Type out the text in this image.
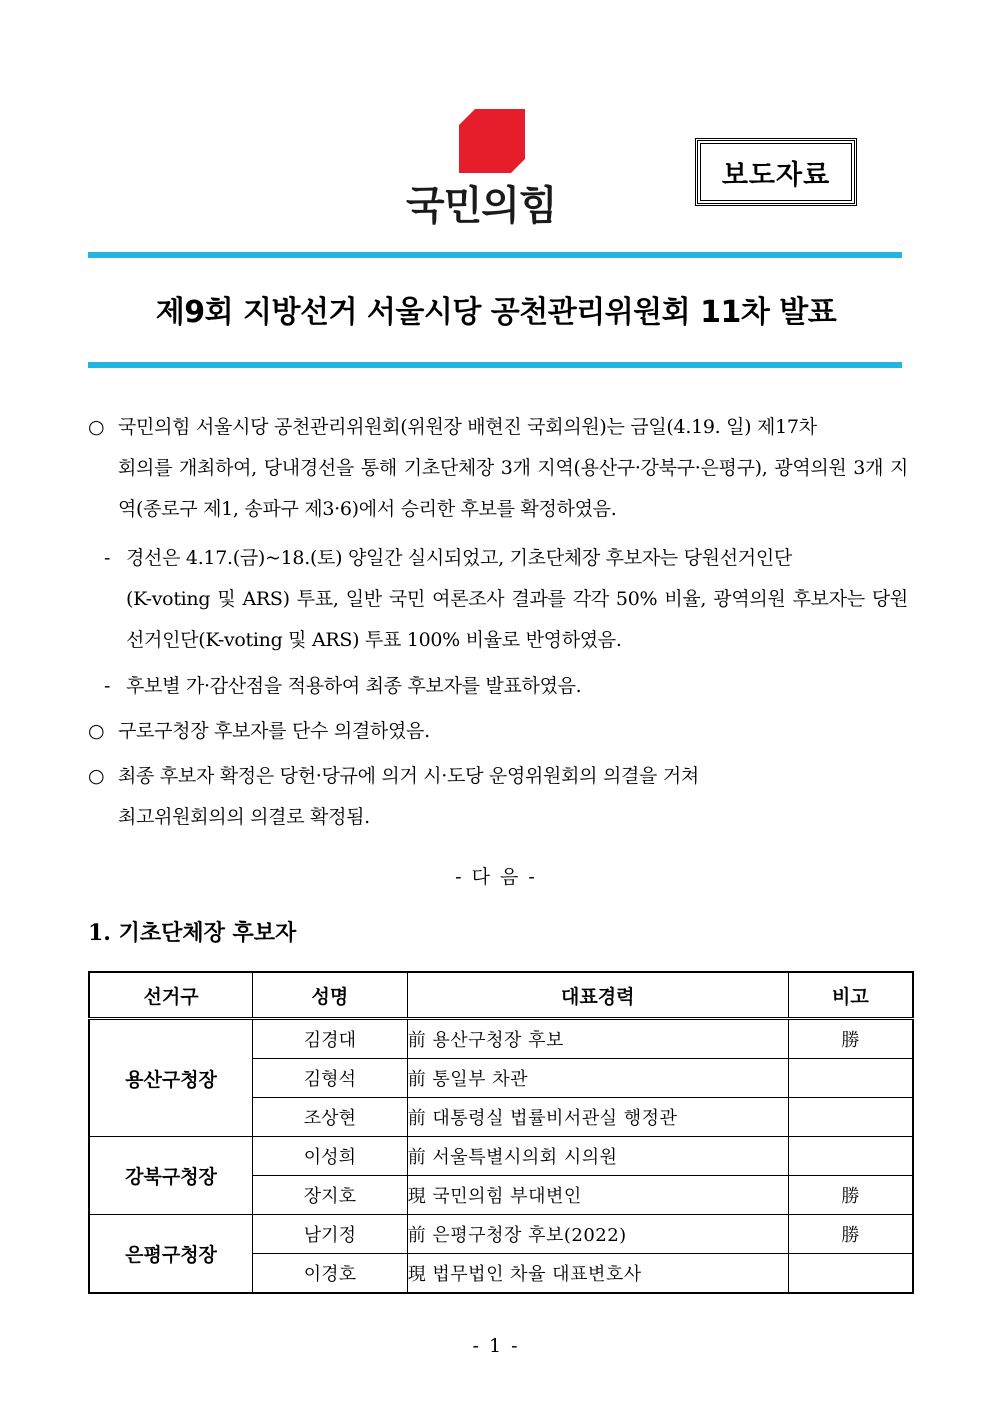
국민의힘
보도자료
제9회 지방선거 서울시당 공천관리위원회 11차 발표
○ 국민의힘 서울시당 공천관리위원회(위원장 배현진 국회의원)는 금일(4.19. 일) 제17차
회의를 개최하여, 당내경선을 통해 기초단체장 3개 지역(용산구·강북구·은평구), 광역의원 3개 지역(종로구 제1, 송파구 제3·6)에서 승리한 후보를 확정하였음.
- 경선은 4.17.(금)~18.(토) 양일간 실시되었고, 기초단체장 후보자는 당원선거인단
(K-voting 및 ARS) 투표, 일반 국민 여론조사 결과를 각각 50% 비율, 광역의원 후보자는 당원선거인단(K-voting 및 ARS) 투표 100% 비율로 반영하였음.
- 후보별 가·감산점을 적용하여 최종 후보자를 발표하였음.
○ 구로구청장 후보자를 단수 의결하였음.
○ 최종 후보자 확정은 당헌·당규에 의거 시·도당 운영위원회의 의결을 거쳐
최고위원회의의 의결로 확정됨.
- 다 음 -
1. 기초단체장 후보자
선거구	성명	대표경력	비고
용산구청장	김경대	前 용산구청장 후보	勝
	김형석	前 통일부 차관	
	조상현	前 대통령실 법률비서관실 행정관	
강북구청장	이성희	前 서울특별시의회 시의원	
	장지호	現 국민의힘 부대변인	勝
은평구청장	남기정	前 은평구청장 후보(2022)	勝
	이경호	現 법무법인 차율 대표변호사	
- 1 -
